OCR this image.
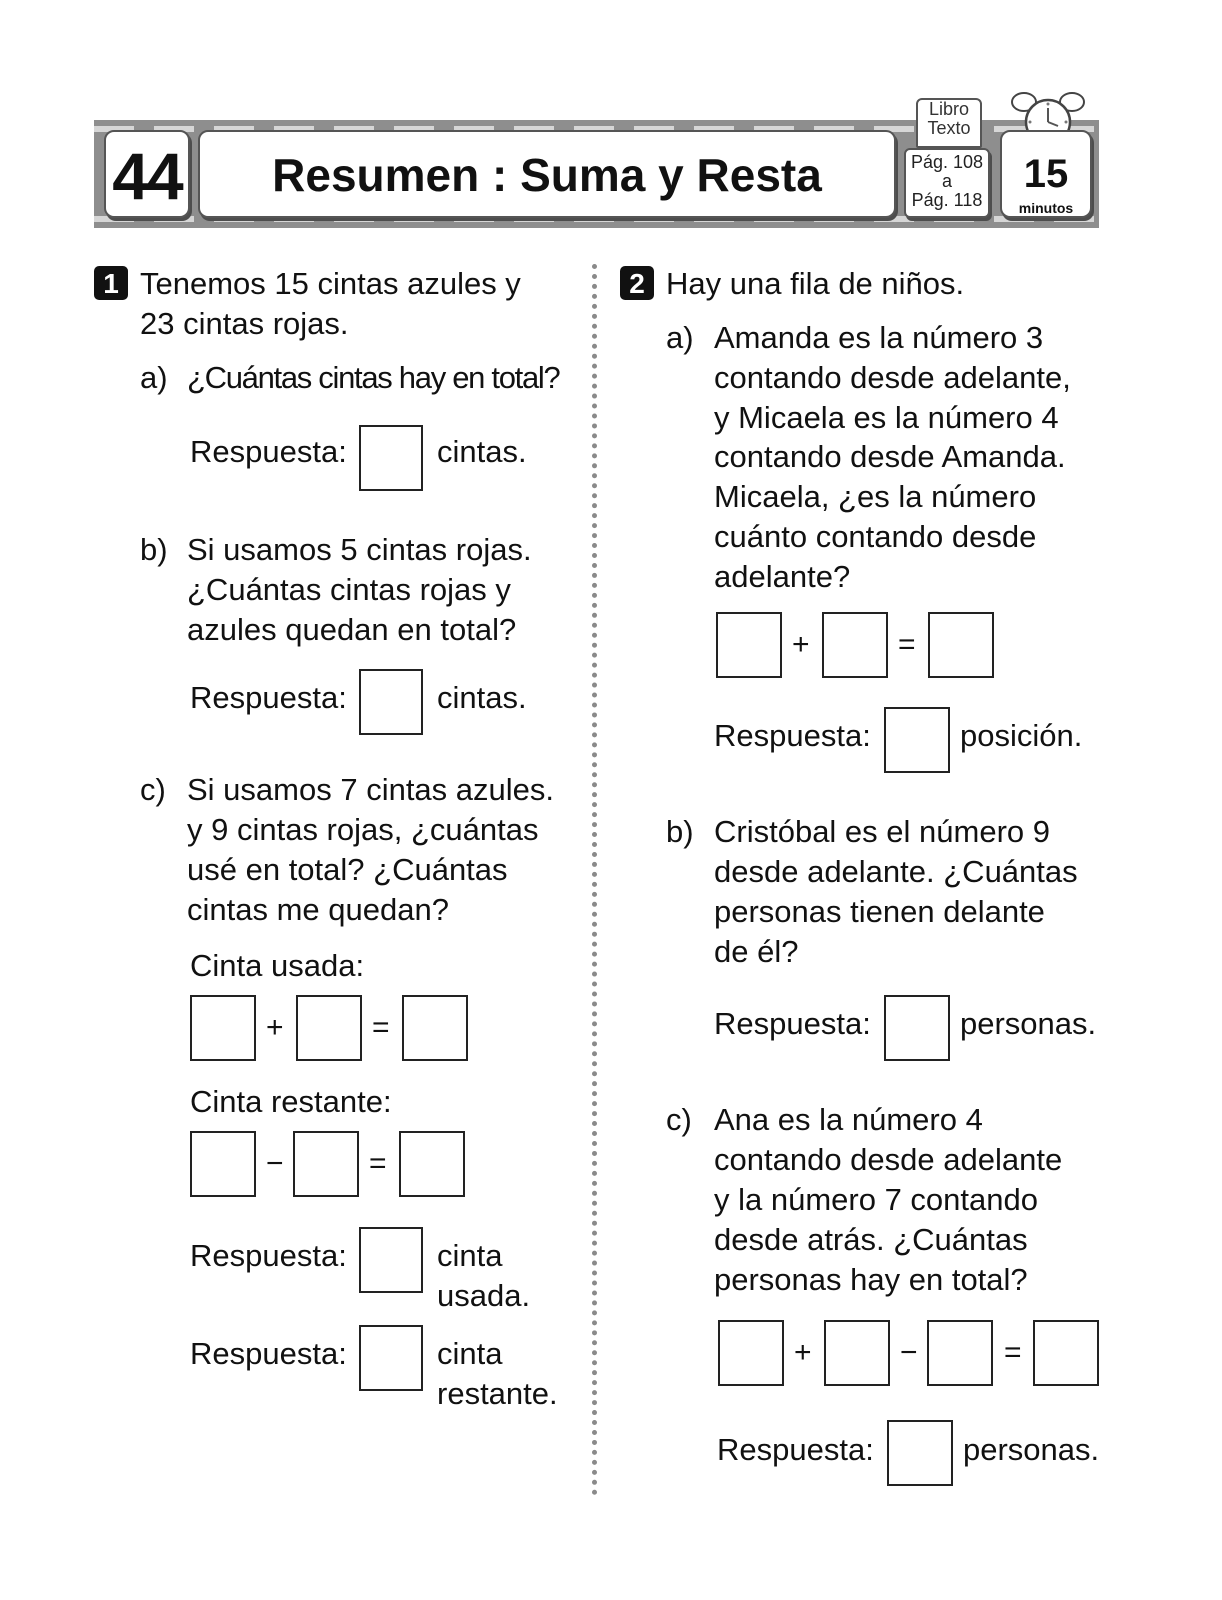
44 Resumen : Suma y Resta
Libro
Texto
Pág. 108
a
Pág. 118
15
minutos
1 Tenemos 15 cintas azules y
23 cintas rojas.
a) ¿Cuántas cintas hay en total?
Respuesta:	cintas.
b) Si usamos 5 cintas rojas.
¿Cuántas cintas rojas y
azules quedan en total?
Respuesta:	cintas.
c) Si usamos 7 cintas azules.
y 9 cintas rojas, ¿cuántas
usé en total? ¿Cuántas
cintas me quedan?
Cinta usada:
+	=
Cinta restante:
−	=
Respuesta:	cinta
usada.
Respuesta:	cinta
restante.
2 Hay una fila de niños.
a) Amanda es la número 3
contando desde adelante,
y Micaela es la número 4
contando desde Amanda.
Micaela, ¿es la número
cuánto contando desde
adelante?
+	=
Respuesta:	posición.
b) Cristóbal es el número 9
desde adelante. ¿Cuántas
personas tienen delante
de él?
Respuesta:	personas.
c) Ana es la número 4
contando desde adelante
y la número 7 contando
desde atrás. ¿Cuántas
personas hay en total?
+	−	=
Respuesta:	personas.
